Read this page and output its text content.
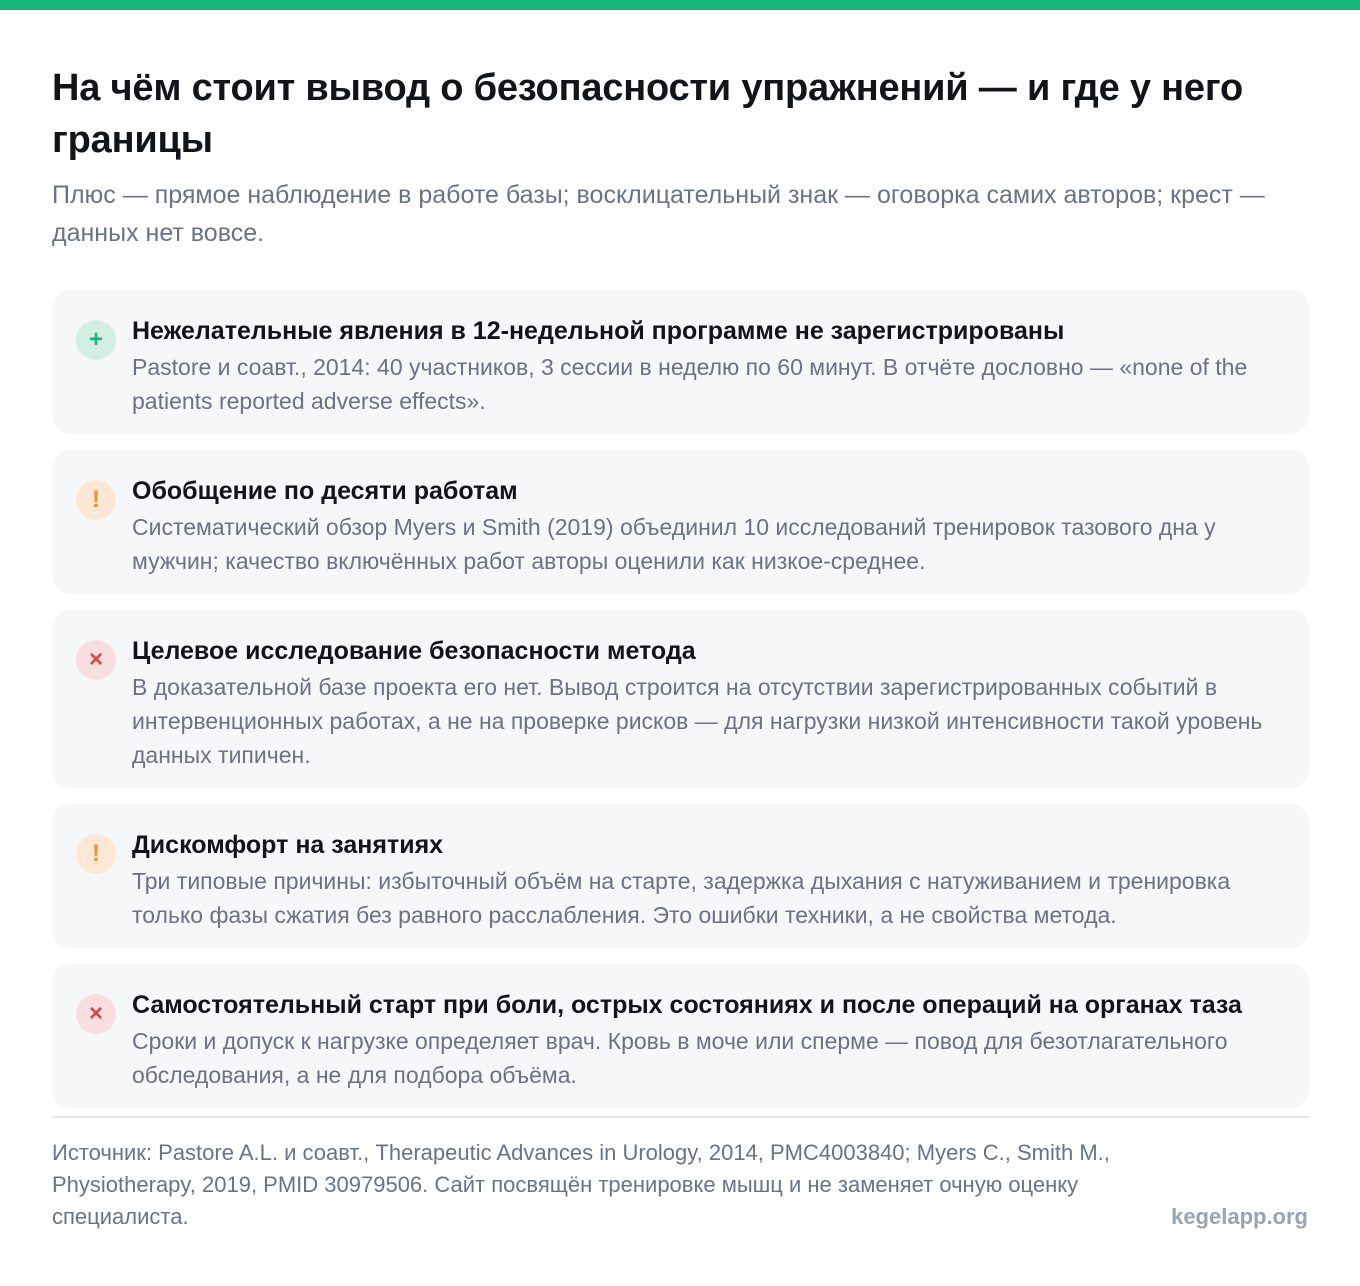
На чём стоит вывод о безопасности упражнений — и где у него границы
Плюс — прямое наблюдение в работе базы; восклицательный знак — оговорка самих авторов; крест — данных нет вовсе.
+	Нежелательные явления в 12-недельной программе не зарегистрированы

Pastore и соавт., 2014: 40 участников, 3 сессии в неделю по 60 минут. В отчёте дословно — «none of the patients reported adverse effects».

!	Обобщение по десяти работам

Систематический обзор Myers и Smith (2019) объединил 10 исследований тренировок тазового дна у мужчин; качество включённых работ авторы оценили как низкое-среднее.

×	Целевое исследование безопасности метода

В доказательной базе проекта его нет. Вывод строится на отсутствии зарегистрированных событий в интервенционных работах, а не на проверке рисков — для нагрузки низкой интенсивности такой уровень данных типичен.

!	Дискомфорт на занятиях

Три типовые причины: избыточный объём на старте, задержка дыхания с натуживанием и тренировка только фазы сжатия без равного расслабления. Это ошибки техники, а не свойства метода.

×	Самостоятельный старт при боли, острых состояниях и после операций на органах таза

Сроки и допуск к нагрузке определяет врач. Кровь в моче или сперме — повод для безотлагательного обследования, а не для подбора объёма.

Источник: Pastore A.L. и соавт., Therapeutic Advances in Urology, 2014, PMC4003840; Myers C., Smith M., Physiotherapy, 2019, PMID 30979506. Сайт посвящён тренировке мышц и не заменяет очную оценку специалиста.	kegelapp.org
